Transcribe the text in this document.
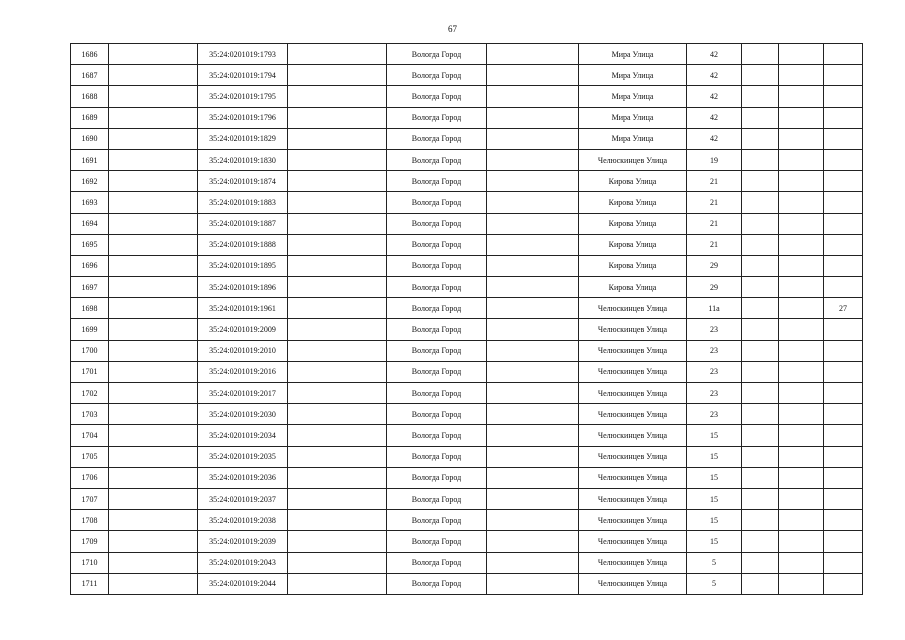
67
1686		35:24:0201019:1793		Вологда Город		Мира Улица	42			
1687		35:24:0201019:1794		Вологда Город		Мира Улица	42			
1688		35:24:0201019:1795		Вологда Город		Мира Улица	42			
1689		35:24:0201019:1796		Вологда Город		Мира Улица	42			
1690		35:24:0201019:1829		Вологда Город		Мира Улица	42			
1691		35:24:0201019:1830		Вологда Город		Челюскинцев Улица	19			
1692		35:24:0201019:1874		Вологда Город		Кирова Улица	21			
1693		35:24:0201019:1883		Вологда Город		Кирова Улица	21			
1694		35:24:0201019:1887		Вологда Город		Кирова Улица	21			
1695		35:24:0201019:1888		Вологда Город		Кирова Улица	21			
1696		35:24:0201019:1895		Вологда Город		Кирова Улица	29			
1697		35:24:0201019:1896		Вологда Город		Кирова Улица	29			
1698		35:24:0201019:1961		Вологда Город		Челюскинцев Улица	11а			27
1699		35:24:0201019:2009		Вологда Город		Челюскинцев Улица	23			
1700		35:24:0201019:2010		Вологда Город		Челюскинцев Улица	23			
1701		35:24:0201019:2016		Вологда Город		Челюскинцев Улица	23			
1702		35:24:0201019:2017		Вологда Город		Челюскинцев Улица	23			
1703		35:24:0201019:2030		Вологда Город		Челюскинцев Улица	23			
1704		35:24:0201019:2034		Вологда Город		Челюскинцев Улица	15			
1705		35:24:0201019:2035		Вологда Город		Челюскинцев Улица	15			
1706		35:24:0201019:2036		Вологда Город		Челюскинцев Улица	15			
1707		35:24:0201019:2037		Вологда Город		Челюскинцев Улица	15			
1708		35:24:0201019:2038		Вологда Город		Челюскинцев Улица	15			
1709		35:24:0201019:2039		Вологда Город		Челюскинцев Улица	15			
1710		35:24:0201019:2043		Вологда Город		Челюскинцев Улица	5			
1711		35:24:0201019:2044		Вологда Город		Челюскинцев Улица	5			
